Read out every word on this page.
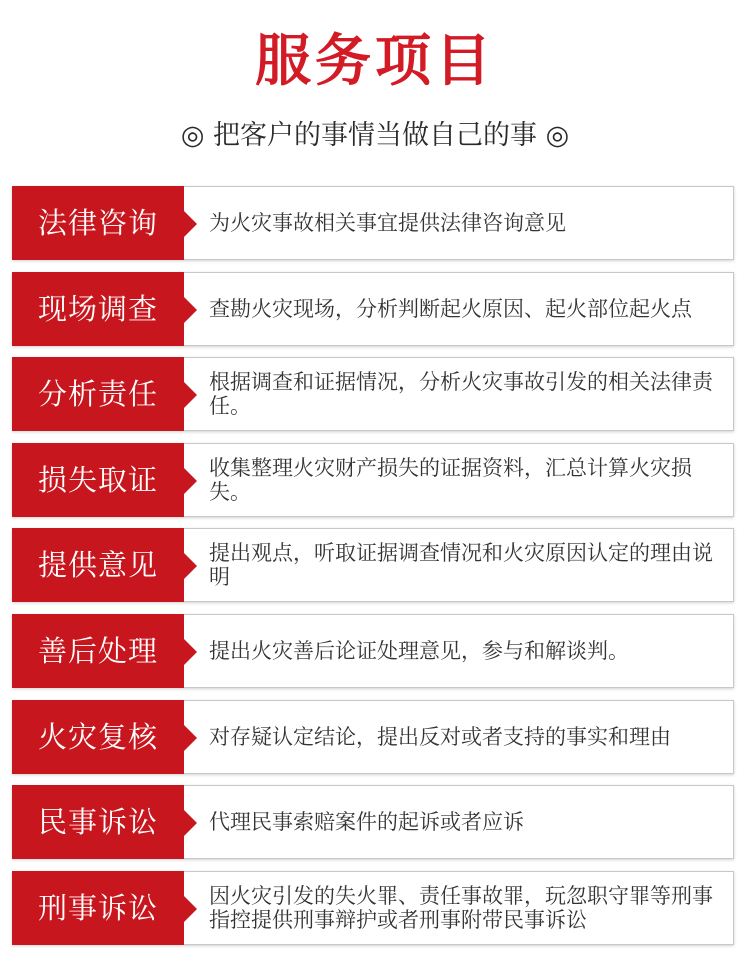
服务项目
◎ 把客户的事情当做自己的事 ◎
法律咨询	为火灾事故相关事宜提供法律咨询意见
现场调查	查勘火灾现场，分析判断起火原因、起火部位起火点
分析责任	根据调查和证据情况，分析火灾事故引发的相关法律责任。
损失取证	收集整理火灾财产损失的证据资料，汇总计算火灾损失。
提供意见	提出观点，听取证据调查情况和火灾原因认定的理由说明
善后处理	提出火灾善后论证处理意见，参与和解谈判。
火灾复核	对存疑认定结论，提出反对或者支持的事实和理由
民事诉讼	代理民事索赔案件的起诉或者应诉
刑事诉讼	因火灾引发的失火罪、责任事故罪，玩忽职守罪等刑事指控提供刑事辩护或者刑事附带民事诉讼
